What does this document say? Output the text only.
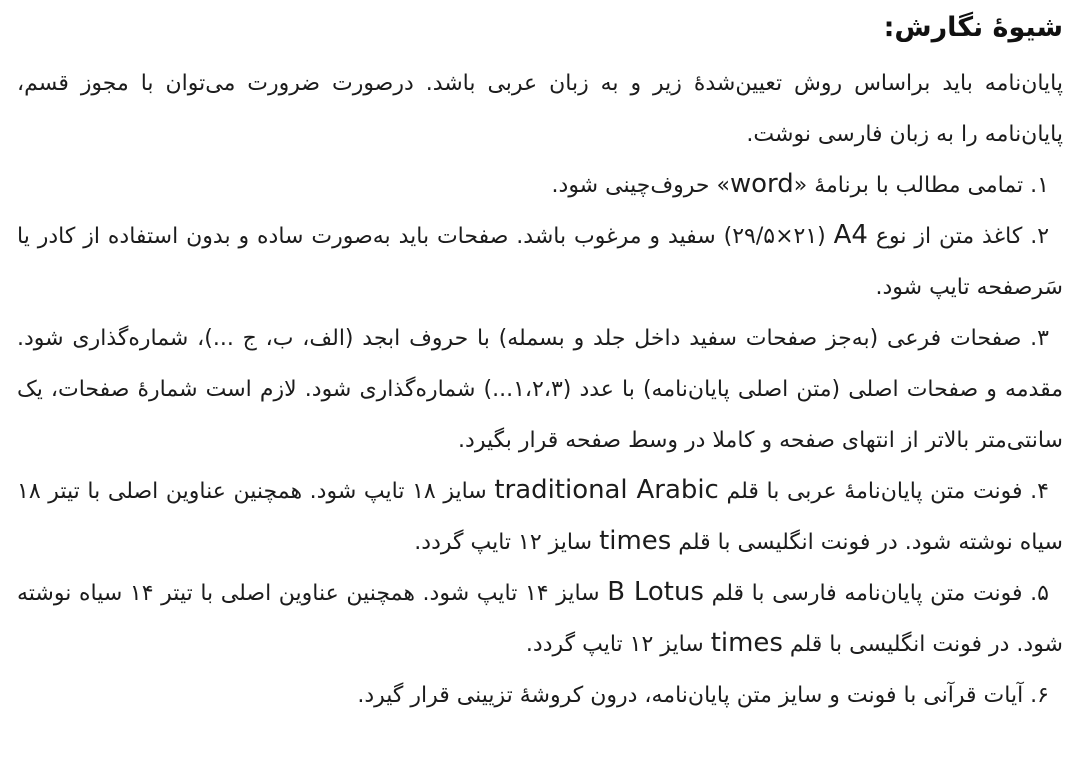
شیوهٔ نگارش:

پایان‌نامه باید براساس روش تعیین‌شدهٔ زیر و به زبان عربی باشد. درصورت ضرورت می‌توان با مجوز قسم، پایان‌نامه را به زبان فارسی نوشت.

۱. تمامی مطالب با برنامهٔ «word» حروف‌چینی شود.

۲. کاغذ متن از نوع A4 (۲۱×۲۹/۵) سفید و مرغوب باشد. صفحات باید به‌صورت ساده و بدون استفاده از کادر یا سَرصفحه تایپ شود.

۳. صفحات فرعی (به‌جز صفحات سفید داخل جلد و بسمله) با حروف ابجد (الف، ب، ج ...)، شماره‌گذاری شود. مقدمه و صفحات اصلی (متن اصلی پایان‌نامه) با عدد (۱،۲،۳...) شماره‌گذاری شود. لازم است شمارهٔ صفحات، یک سانتی‌متر بالاتر از انتهای صفحه و کاملا در وسط صفحه قرار بگیرد.

۴. فونت متن پایان‌نامهٔ عربی با قلم traditional Arabic سایز ۱۸ تایپ شود. همچنین عناوین اصلی با تیتر ۱۸ سیاه نوشته شود. در فونت انگلیسی با قلم times سایز ۱۲ تایپ گردد.

۵. فونت متن پایان‌نامه فارسی با قلم B Lotus سایز ۱۴ تایپ شود. همچنین عناوین اصلی با تیتر ۱۴ سیاه نوشته شود. در فونت انگلیسی با قلم times سایز ۱۲ تایپ گردد.

۶. آیات قرآنی با فونت و سایز متن پایان‌نامه، درون کروشهٔ تزیینی قرار گیرد.
